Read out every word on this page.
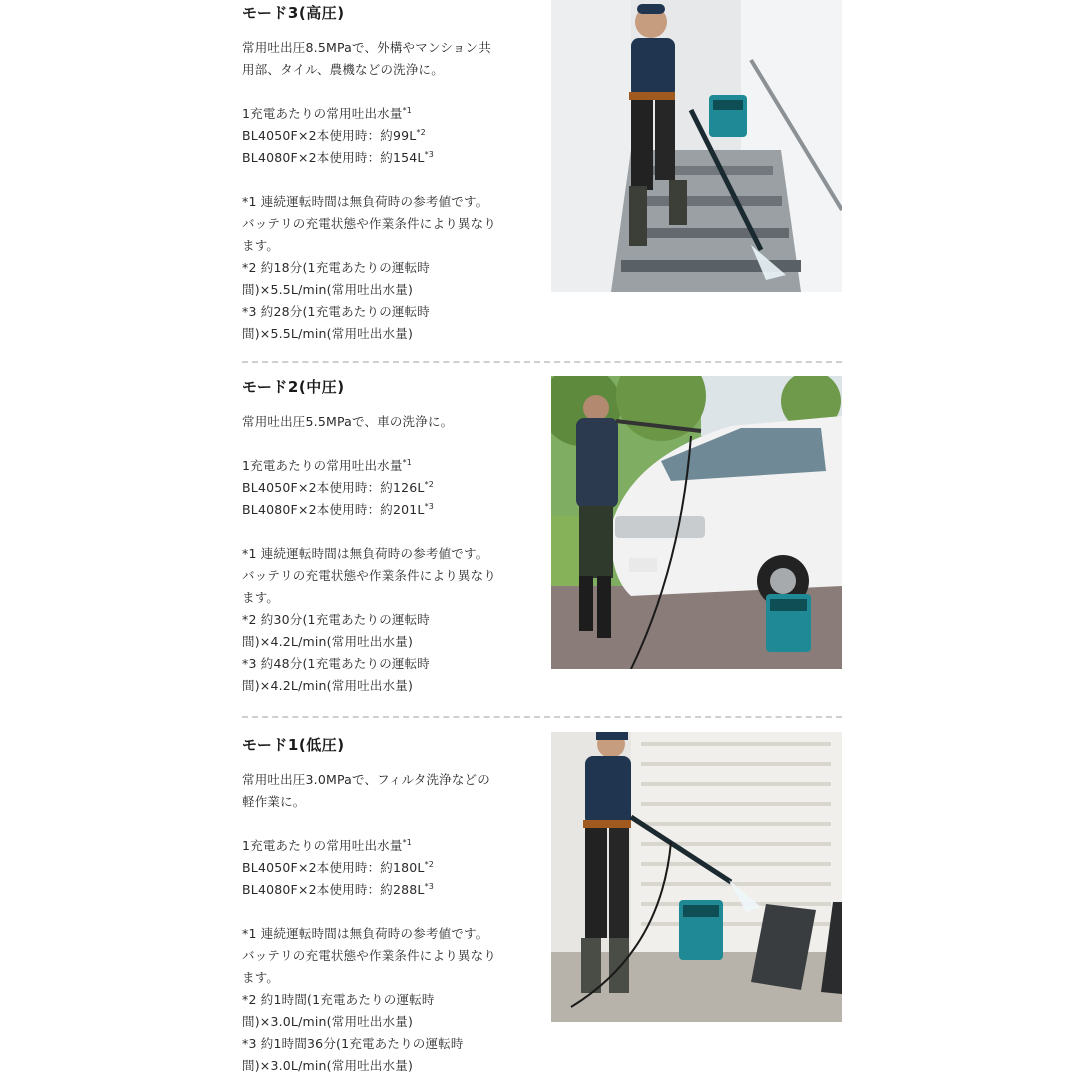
モード3(高圧)
常用吐出圧8.5MPaで、外構やマンション共
用部、タイル、農機などの洗浄に。
1充電あたりの常用吐出水量$^{*1}$
BL4050F×2本使用時：約$99L^{*2}$
BL4080F×2本使用時：約$154L^{*3}$
*1 連続運転時間は無負荷時の参考値です。
バッテリの充電状態や作業条件により異なり
ます。
*2 約18分(1充電あたりの運転時
間)×5.5L/min(常用吐出水量)
*3 約28分(1充電あたりの運転時
間)×5.5L/min(常用吐出水量)
モード2(中圧)
常用吐出圧5.5MPaで、車の洗浄に。
1充電あたりの常用吐出水量$^{*1}$
BL4050F×2本使用時：約$126L^{*2}$
BL4080F×2本使用時：約$201L^{*3}$
*1 連続運転時間は無負荷時の参考値です。
バッテリの充電状態や作業条件により異なり
ます。
*2 約30分(1充電あたりの運転時
間)×4.2L/min(常用吐出水量)
*3 約48分(1充電あたりの運転時
間)×4.2L/min(常用吐出水量)
モード1(低圧)
常用吐出圧3.0MPaで、フィルタ洗浄などの
軽作業に。
1充電あたりの常用吐出水量$^{*1}$
BL4050F×2本使用時：約$180L^{*2}$
BL4080F×2本使用時：約$288L^{*3}$
*1 連続運転時間は無負荷時の参考値です。
バッテリの充電状態や作業条件により異なり
ます。
*2 約1時間(1充電あたりの運転時
間)×3.0L/min(常用吐出水量)
*3 約1時間36分(1充電あたりの運転時
間)×3.0L/min(常用吐出水量)
